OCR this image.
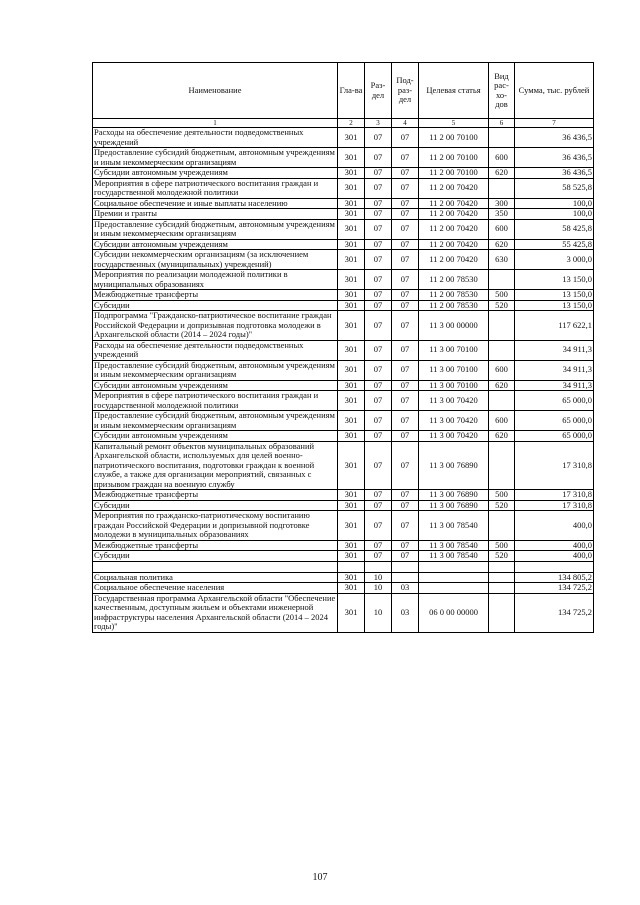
Наименование	Гла-ва	Раз-дел	Под-раз-дел	Целевая статья	Вид рас-хо-дов	Сумма, тыс. рублей
1	2	3	4	5	6	7
Расходы на обеспечение деятельности подведомственных учреждений	301	07	07	11 2 00 70100		36 436,5
Предоставление субсидий бюджетным, автономным учреждениям и иным некоммерческим организациям	301	07	07	11 2 00 70100	600	36 436,5
Субсидии автономным учреждениям	301	07	07	11 2 00 70100	620	36 436,5
Мероприятия в сфере патриотического воспитания граждан и государственной молодежной политики	301	07	07	11 2 00 70420		58 525,8
Социальное обеспечение и иные выплаты населению	301	07	07	11 2 00 70420	300	100,0
Премии и гранты	301	07	07	11 2 00 70420	350	100,0
Предоставление субсидий бюджетным, автономным учреждениям и иным некоммерческим организациям	301	07	07	11 2 00 70420	600	58 425,8
Субсидии автономным учреждениям	301	07	07	11 2 00 70420	620	55 425,8
Субсидии некоммерческим организациям (за исключением государственных (муниципальных) учреждений)	301	07	07	11 2 00 70420	630	3 000,0
Мероприятия по реализации молодежной политики в муниципальных образованиях	301	07	07	11 2 00 78530		13 150,0
Межбюджетные трансферты	301	07	07	11 2 00 78530	500	13 150,0
Субсидии	301	07	07	11 2 00 78530	520	13 150,0
Подпрограмма "Гражданско-патриотическое воспитание граждан Российской Федерации и допризывная подготовка молодежи в Архангельской области (2014 – 2024 годы)"	301	07	07	11 3 00 00000		117 622,1
Расходы на обеспечение деятельности подведомственных учреждений	301	07	07	11 3 00 70100		34 911,3
Предоставление субсидий бюджетным, автономным учреждениям и иным некоммерческим организациям	301	07	07	11 3 00 70100	600	34 911,3
Субсидии автономным учреждениям	301	07	07	11 3 00 70100	620	34 911,3
Мероприятия в сфере патриотического воспитания граждан и государственной молодежной политики	301	07	07	11 3 00 70420		65 000,0
Предоставление субсидий бюджетным, автономным учреждениям и иным некоммерческим организациям	301	07	07	11 3 00 70420	600	65 000,0
Субсидии автономным учреждениям	301	07	07	11 3 00 70420	620	65 000,0
Капитальный ремонт объектов муниципальных образований Архангельской области, используемых для целей военно-патриотического воспитания, подготовки граждан к военной службе, а также для организации мероприятий, связанных с призывом граждан на военную службу	301	07	07	11 3 00 76890		17 310,8
Межбюджетные трансферты	301	07	07	11 3 00 76890	500	17 310,8
Субсидии	301	07	07	11 3 00 76890	520	17 310,8
Мероприятия по гражданско-патриотическому воспитанию граждан Российской Федерации и допризывной подготовке молодежи в муниципальных образованиях	301	07	07	11 3 00 78540		400,0
Межбюджетные трансферты	301	07	07	11 3 00 78540	500	400,0
Субсидии	301	07	07	11 3 00 78540	520	400,0

Социальная политика	301	10				134 805,2
Социальное обеспечение населения	301	10	03			134 725,2
Государственная программа Архангельской области "Обеспечение качественным, доступным жильем и объектами инженерной инфраструктуры населения Архангельской области (2014 – 2024 годы)"	301	10	03	06 0 00 00000		134 725,2
107
